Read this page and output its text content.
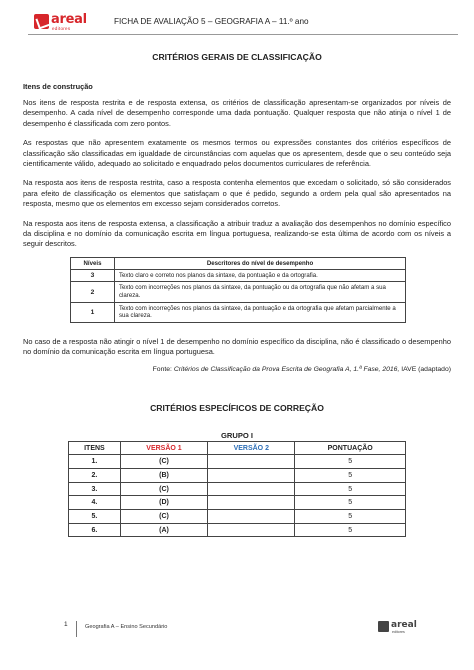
areal
editores
FICHA DE AVALIAÇÃO 5 – GEOGRAFIA A – 11.º ano
CRITÉRIOS GERAIS DE CLASSIFICAÇÃO
Itens de construção

Nos itens de resposta restrita e de resposta extensa, os critérios de classificação apresentam-se organizados por níveis de desempenho. A cada nível de desempenho corresponde uma dada pontuação. Qualquer resposta que não atinja o nível 1 de desempenho é classificada com zero pontos.

As respostas que não apresentem exatamente os mesmos termos ou expressões constantes dos critérios específicos de classificação são classificadas em igualdade de circunstâncias com aquelas que os apresentem, desde que o seu conteúdo seja cientificamente válido, adequado ao solicitado e enquadrado pelos documentos curriculares de referência.

Na resposta aos itens de resposta restrita, caso a resposta contenha elementos que excedam o solicitado, só são considerados para efeito de classificação os elementos que satisfaçam o que é pedido, segundo a ordem pela qual são apresentados na resposta, mesmo que os elementos em excesso sejam considerados corretos.

Na resposta aos itens de resposta extensa, a classificação a atribuir traduz a avaliação dos desempenhos no domínio específico da disciplina e no domínio da comunicação escrita em língua portuguesa, realizando-se esta última de acordo com os níveis a seguir descritos.

Níveis	Descritores do nível de desempenho
3	Texto claro e correto nos planos da sintaxe, da pontuação e da ortografia.
2	Texto com incorreções nos planos da sintaxe, da pontuação ou da ortografia que não afetam a sua clareza.
1	Texto com incorreções nos planos da sintaxe, da pontuação e da ortografia que afetam parcialmente a sua clareza.

No caso de a resposta não atingir o nível 1 de desempenho no domínio específico da disciplina, não é classificado o desempenho no domínio da comunicação escrita em língua portuguesa.

Fonte: Critérios de Classificação da Prova Escrita de Geografia A, 1.ª Fase, 2016, IAVE (adaptado)
CRITÉRIOS ESPECÍFICOS DE CORREÇÃO
GRUPO I
ITENS	VERSÃO 1	VERSÃO 2	PONTUAÇÃO
1.	(C)		5
2.	(B)		5
3.	(C)		5
4.	(D)		5
5.	(C)		5
6.	(A)		5
1	Geografia A – Ensino Secundário	areal
editores
